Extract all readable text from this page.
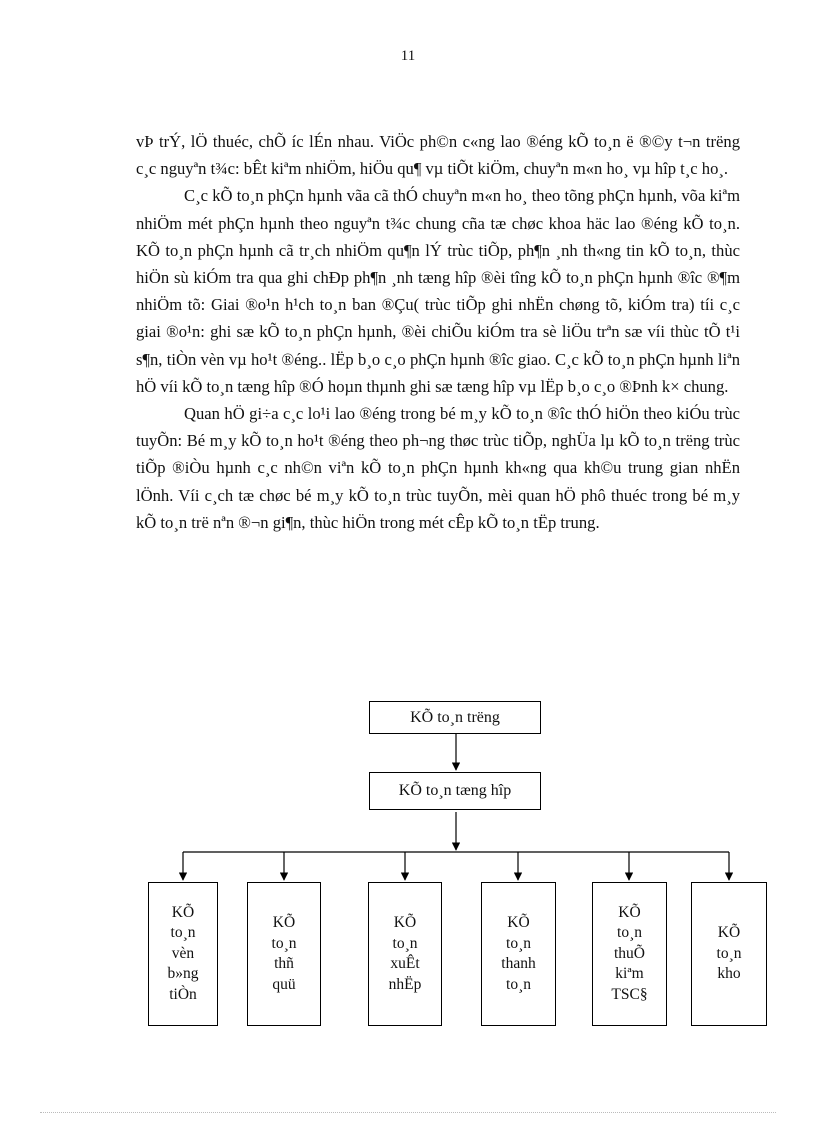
11

vÞ trÝ, lÖ thuéc, chÕ íc lÉn nhau. ViÖc ph©n c«ng lao ®éng kÕ to¸n ë ®©y t¬n trëng c¸c nguyªn t¾c: bÊt kiªm nhiÖm, hiÖu qu¶ vµ tiÕt kiÖm, chuyªn m«n ho¸ vµ hîp t¸c ho¸.

C¸c kÕ to¸n phÇn hµnh vãa cã thÓ chuyªn m«n ho¸ theo tõng phÇn hµnh, võa kiªm nhiÖm mét phÇn hµnh theo nguyªn t¾c chung cña tæ chøc khoa häc lao ®éng kÕ to¸n. KÕ to¸n phÇn hµnh cã tr¸ch nhiÖm qu¶n lÝ trùc tiÕp, ph¶n ¸nh th«ng tin kÕ to¸n, thùc hiÖn sù kiÓm tra qua ghi chÐp ph¶n ¸nh tæng hîp ®èi tîng kÕ to¸n phÇn hµnh ®îc ®¶m nhiÖm tõ: Giai ®o¹n h¹ch to¸n ban ®Çu( trùc tiÕp ghi nhËn chøng tõ, kiÓm tra) tíi c¸c giai ®o¹n: ghi sæ kÕ to¸n phÇn hµnh, ®èi chiÕu kiÓm tra sè liÖu trªn sæ víi thùc tÕ t¹i s¶n, tiÒn vèn vµ ho¹t ®éng.. lËp b¸o c¸o phÇn hµnh ®îc giao. C¸c kÕ to¸n phÇn hµnh liªn hÖ víi kÕ to¸n tæng hîp ®Ó hoµn thµnh ghi sæ tæng hîp vµ lËp b¸o c¸o ®Þnh k× chung.

Quan hÖ gi÷a c¸c lo¹i lao ®éng trong bé m¸y kÕ to¸n ®îc thÓ hiÖn theo kiÓu trùc tuyÕn: Bé m¸y kÕ to¸n ho¹t ®éng theo ph¬ng thøc trùc tiÕp, nghÜa lµ kÕ to¸n trëng trùc tiÕp ®iÒu hµnh c¸c nh©n viªn kÕ to¸n phÇn hµnh kh«ng qua kh©u trung gian nhËn lÖnh. Víi c¸ch tæ chøc bé m¸y kÕ to¸n trùc tuyÕn, mèi quan hÖ phô thuéc trong bé m¸y kÕ to¸n trë nªn ®¬n gi¶n, thùc hiÖn trong mét cÊp kÕ to¸n tËp trung.

KÕ to¸n trëng
KÕ to¸n tæng hîp
KÕ
to¸n
vèn
b»ng
tiÒn
KÕ
to¸n
thñ
quü
KÕ
to¸n
xuÊt
nhËp
KÕ
to¸n
thanh
to¸n
KÕ
to¸n
thuÕ
kiªm
TSC§
KÕ
to¸n
kho
